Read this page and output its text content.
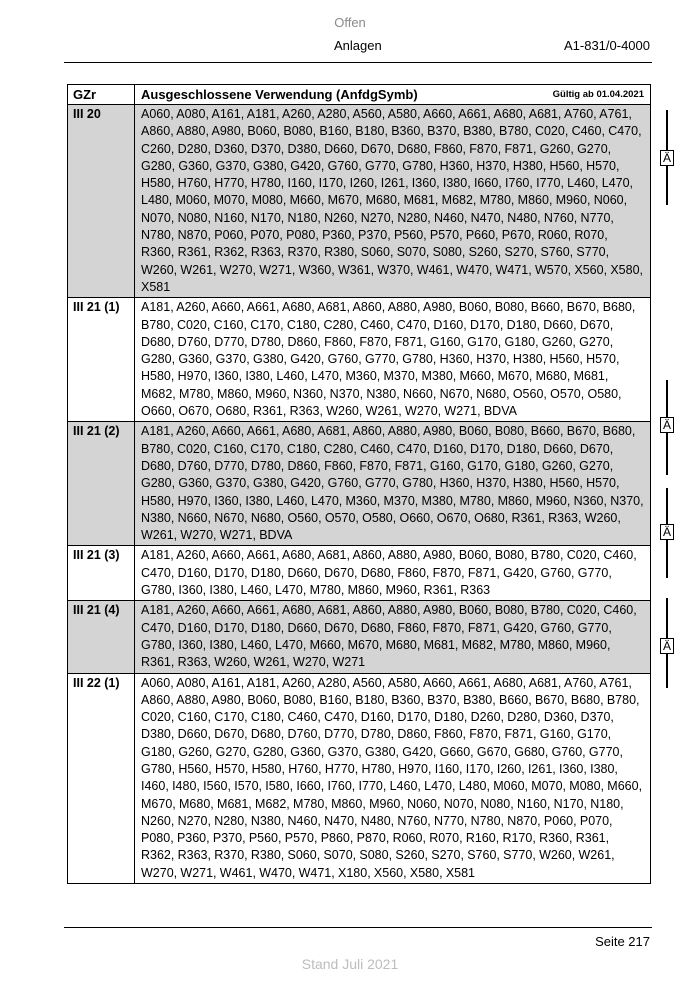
Offen
Anlagen	A1-831/0-4000
GZr	Ausgeschlossene Verwendung (AnfdgSymb) Gültig ab 01.04.2021

III 20	A060, A080, A161, A181, A260, A280, A560, A580, A660, A661, A680, A681, A760, A761, A860, A880, A980, B060, B080, B160, B180, B360, B370, B380, B780, C020, C460, C470, C260, D280, D360, D370, D380, D660, D670, D680, F860, F870, F871, G260, G270, G280, G360, G370, G380, G420, G760, G770, G780, H360, H370, H380, H560, H570, H580, H760, H770, H780, I160, I170, I260, I261, I360, I380, I660, I760, I770, L460, L470, L480, M060, M070, M080, M660, M670, M680, M681, M682, M780, M860, M960, N060, N070, N080, N160, N170, N180, N260, N270, N280, N460, N470, N480, N760, N770, N780, N870, P060, P070, P080, P360, P370, P560, P570, P660, P670, R060, R070, R360, R361, R362, R363, R370, R380, S060, S070, S080, S260, S270, S760, S770, W260, W261, W270, W271, W360, W361, W370, W461, W470, W471, W570, X560, X580, X581
III 21 (1)	A181, A260, A660, A661, A680, A681, A860, A880, A980, B060, B080, B660, B670, B680, B780, C020, C160, C170, C180, C280, C460, C470, D160, D170, D180, D660, D670, D680, D760, D770, D780, D860, F860, F870, F871, G160, G170, G180, G260, G270, G280, G360, G370, G380, G420, G760, G770, G780, H360, H370, H380, H560, H570, H580, H970, I360, I380, L460, L470, M360, M370, M380, M660, M670, M680, M681, M682, M780, M860, M960, N360, N370, N380, N660, N670, N680, O560, O570, O580, O660, O670, O680, R361, R363, W260, W261, W270, W271, BDVA
III 21 (2)	A181, A260, A660, A661, A680, A681, A860, A880, A980, B060, B080, B660, B670, B680, B780, C020, C160, C170, C180, C280, C460, C470, D160, D170, D180, D660, D670, D680, D760, D770, D780, D860, F860, F870, F871, G160, G170, G180, G260, G270, G280, G360, G370, G380, G420, G760, G770, G780, H360, H370, H380, H560, H570, H580, H970, I360, I380, L460, L470, M360, M370, M380, M780, M860, M960, N360, N370, N380, N660, N670, N680, O560, O570, O580, O660, O670, O680, R361, R363, W260, W261, W270, W271, BDVA
III 21 (3)	A181, A260, A660, A661, A680, A681, A860, A880, A980, B060, B080, B780, C020, C460, C470, D160, D170, D180, D660, D670, D680, F860, F870, F871, G420, G760, G770, G780, I360, I380, L460, L470, M780, M860, M960, R361, R363
III 21 (4)	A181, A260, A660, A661, A680, A681, A860, A880, A980, B060, B080, B780, C020, C460, C470, D160, D170, D180, D660, D670, D680, F860, F870, F871, G420, G760, G770, G780, I360, I380, L460, L470, M660, M670, M680, M681, M682, M780, M860, M960, R361, R363, W260, W261, W270, W271
III 22 (1)	A060, A080, A161, A181, A260, A280, A560, A580, A660, A661, A680, A681, A760, A761, A860, A880, A980, B060, B080, B160, B180, B360, B370, B380, B660, B670, B680, B780, C020, C160, C170, C180, C460, C470, D160, D170, D180, D260, D280, D360, D370, D380, D660, D670, D680, D760, D770, D780, D860, F860, F870, F871, G160, G170, G180, G260, G270, G280, G360, G370, G380, G420, G660, G670, G680, G760, G770, G780, H560, H570, H580, H760, H770, H780, H970, I160, I170, I260, I261, I360, I380, I460, I480, I560, I570, I580, I660, I760, I770, L460, L470, L480, M060, M070, M080, M660, M670, M680, M681, M682, M780, M860, M960, N060, N070, N080, N160, N170, N180, N260, N270, N280, N380, N460, N470, N480, N760, N770, N780, N870, P060, P070, P080, P360, P370, P560, P570, P860, P870, R060, R070, R160, R170, R360, R361, R362, R363, R370, R380, S060, S070, S080, S260, S270, S760, S770, W260, W261, W270, W271, W461, W470, W471, X180, X560, X580, X581
Ä
Ä
Ä
Ä
Seite 217
Stand Juli 2021
